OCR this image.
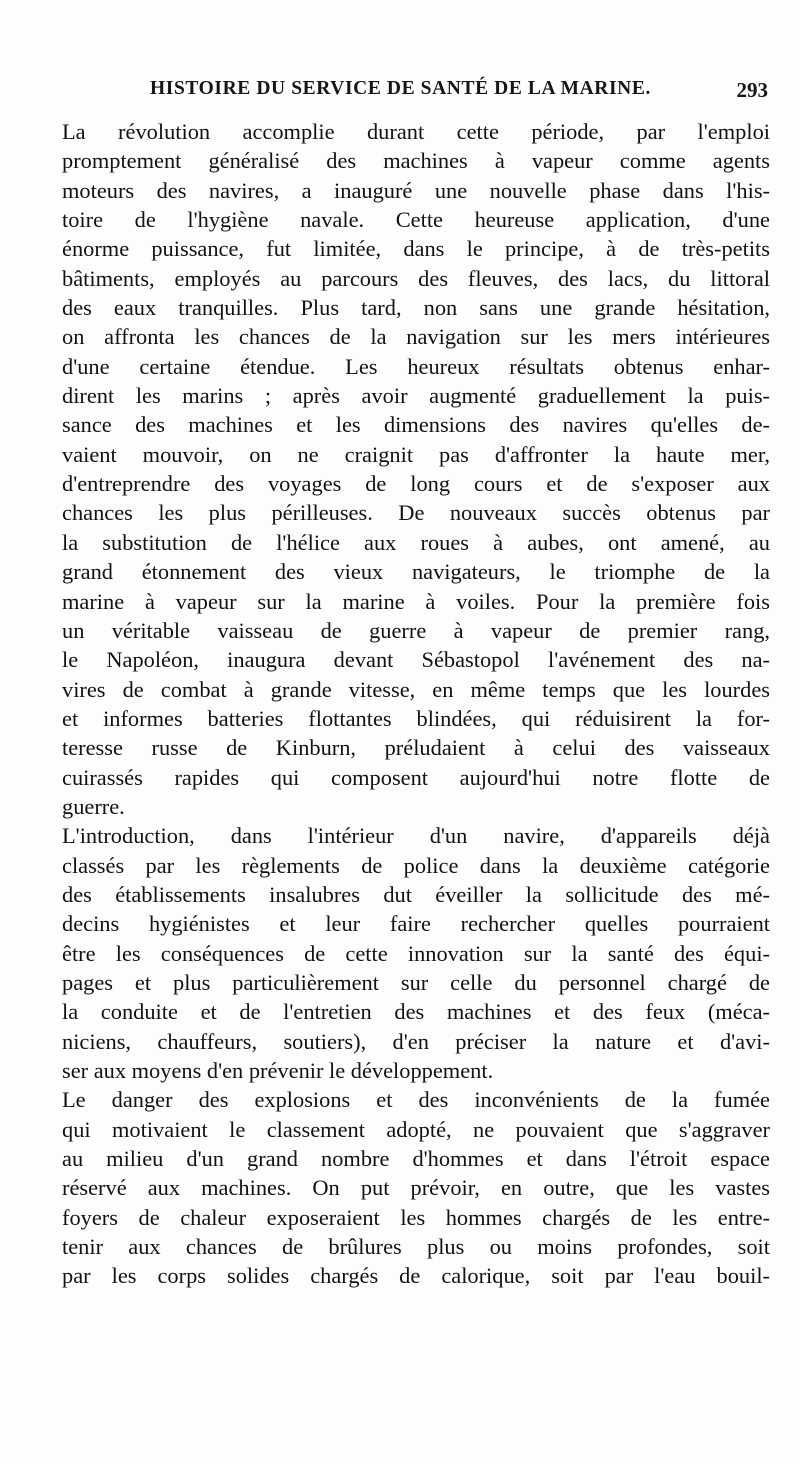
HISTOIRE DU SERVICE DE SANTÉ DE LA MARINE.	293
La révolution accomplie durant cette période, par l'emploi
promptement généralisé des machines à vapeur comme agents
moteurs des navires, a inauguré une nouvelle phase dans l'his-
toire de l'hygiène navale. Cette heureuse application, d'une
énorme puissance, fut limitée, dans le principe, à de très-petits
bâtiments, employés au parcours des fleuves, des lacs, du littoral
des eaux tranquilles. Plus tard, non sans une grande hésitation,
on affronta les chances de la navigation sur les mers intérieures
d'une certaine étendue. Les heureux résultats obtenus enhar-
dirent les marins ; après avoir augmenté graduellement la puis-
sance des machines et les dimensions des navires qu'elles de-
vaient mouvoir, on ne craignit pas d'affronter la haute mer,
d'entreprendre des voyages de long cours et de s'exposer aux
chances les plus périlleuses. De nouveaux succès obtenus par
la substitution de l'hélice aux roues à aubes, ont amené, au
grand étonnement des vieux navigateurs, le triomphe de la
marine à vapeur sur la marine à voiles. Pour la première fois
un véritable vaisseau de guerre à vapeur de premier rang,
le Napoléon, inaugura devant Sébastopol l'avénement des na-
vires de combat à grande vitesse, en même temps que les lourdes
et informes batteries flottantes blindées, qui réduisirent la for-
teresse russe de Kinburn, préludaient à celui des vaisseaux
cuirassés rapides qui composent aujourd'hui notre flotte de
guerre.
L'introduction, dans l'intérieur d'un navire, d'appareils déjà
classés par les règlements de police dans la deuxième catégorie
des établissements insalubres dut éveiller la sollicitude des mé-
decins hygiénistes et leur faire rechercher quelles pourraient
être les conséquences de cette innovation sur la santé des équi-
pages et plus particulièrement sur celle du personnel chargé de
la conduite et de l'entretien des machines et des feux (méca-
niciens, chauffeurs, soutiers), d'en préciser la nature et d'avi-
ser aux moyens d'en prévenir le développement.
Le danger des explosions et des inconvénients de la fumée
qui motivaient le classement adopté, ne pouvaient que s'aggraver
au milieu d'un grand nombre d'hommes et dans l'étroit espace
réservé aux machines. On put prévoir, en outre, que les vastes
foyers de chaleur exposeraient les hommes chargés de les entre-
tenir aux chances de brûlures plus ou moins profondes, soit
par les corps solides chargés de calorique, soit par l'eau bouil-
